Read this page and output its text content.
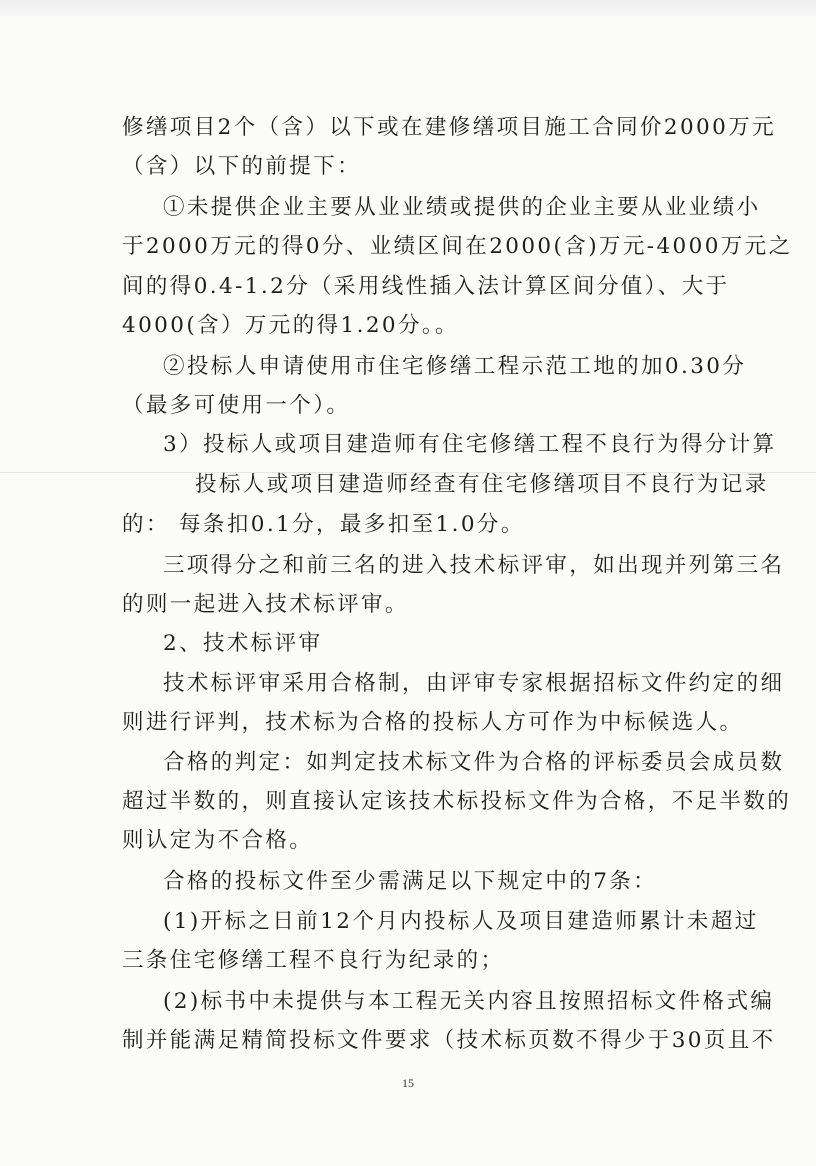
修缮项目2个（含）以下或在建修缮项目施工合同价2000万元
（含）以下的前提下：
①未提供企业主要从业业绩或提供的企业主要从业业绩小
于2000万元的得0分、业绩区间在2000(含)万元-4000万元之
间的得0.4-1.2分（采用线性插入法计算区间分值）、大于
4000(含）万元的得1.20分。。
②投标人申请使用市住宅修缮工程示范工地的加0.30分
（最多可使用一个）。
3）投标人或项目建造师有住宅修缮工程不良行为得分计算
投标人或项目建造师经查有住宅修缮项目不良行为记录
的： 每条扣0.1分，最多扣至1.0分。
三项得分之和前三名的进入技术标评审，如出现并列第三名
的则一起进入技术标评审。
2、技术标评审
技术标评审采用合格制，由评审专家根据招标文件约定的细
则进行评判，技术标为合格的投标人方可作为中标候选人。
合格的判定：如判定技术标文件为合格的评标委员会成员数
超过半数的，则直接认定该技术标投标文件为合格，不足半数的
则认定为不合格。
合格的投标文件至少需满足以下规定中的7条：
(1)开标之日前12个月内投标人及项目建造师累计未超过
三条住宅修缮工程不良行为纪录的；
(2)标书中未提供与本工程无关内容且按照招标文件格式编
制并能满足精简投标文件要求（技术标页数不得少于30页且不
15
